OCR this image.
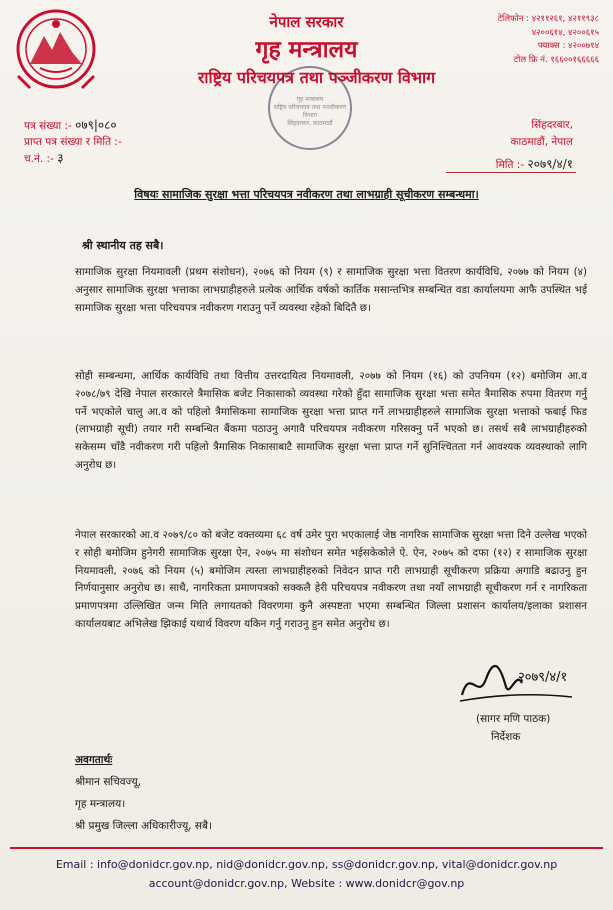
नेपाल सरकार
गृह मन्त्रालय
राष्ट्रिय परिचयपत्र तथा पञ्जीकरण विभाग
टेलिफोन : ४२११२६१, ४२११९३८
४२००६१४, ४२००६१५
फ्याक्स : ४२००७१४
टोल फ्रि नं. १६६००१६६६६६
गृह मन्त्रालय
राष्ट्रिय परिचयपत्र तथा पञ्जीकरण विभाग
सिंहदरबार, काठमाडौं
पत्र संख्या :- ०७९|०८०
प्राप्त पत्र संख्या र मिति :-
च.नं. :- ३
सिंहदरबार,
काठमाडौं, नेपाल
मिति :- २०७९/४/१
विषयः सामाजिक सुरक्षा भत्ता परिचयपत्र नवीकरण तथा लाभग्राही सूचीकरण सम्बन्धमा।
श्री स्थानीय तह सबै।
सामाजिक सुरक्षा नियमावली (प्रथम संशोधन), २०७६ को नियम (९) र सामाजिक सुरक्षा भत्ता वितरण कार्यविधि, २०७७ को नियम (४) अनुसार सामाजिक सुरक्षा भत्ताका लाभग्राहीहरुले प्रत्येक आर्थिक वर्षको कार्तिक मसान्तभित्र सम्बन्धित वडा कार्यालयमा आफै उपस्थित भई सामाजिक सुरक्षा भत्ता परिचयपत्र नवीकरण गराउनु पर्ने व्यवस्था रहेको बिदितै छ।
सोही सम्बन्धमा, आर्थिक कार्यविधि तथा वित्तीय उत्तरदायित्व नियमावली, २०७७ को नियम (१६) को उपनियम (१२) बमोजिम आ.व २०७८/७९ देखि नेपाल सरकारले त्रैमासिक बजेट निकासाको व्यवस्था गरेको हुँदा सामाजिक सुरक्षा भत्ता समेत त्रैमासिक रुपमा वितरण गर्नु पर्ने भएकोले चालु आ.व को पहिलो त्रैमासिकमा सामाजिक सुरक्षा भत्ता प्राप्त गर्ने लाभग्राहीहरुले सामाजिक सुरक्षा भत्ताको फबाई फिड (लाभग्राही सूची) तयार गरी सम्बन्धित बैंकमा पठाउनु अगावै परिचयपत्र नवीकरण गरिसक्नु पर्ने भएको छ। तसर्थ सबै लाभग्राहीहरुको सकेसम्म चाँडै नवीकरण गरी पहिलो त्रैमासिक निकासाबाटै सामाजिक सुरक्षा भत्ता प्राप्त गर्ने सुनिश्चितता गर्न आवश्यक व्यवस्थाको लागि अनुरोध छ।
नेपाल सरकारको आ.व २०७९/८० को बजेट वक्तव्यमा ६८ वर्ष उमेर पुरा भएकालाई जेष्ठ नागरिक सामाजिक सुरक्षा भत्ता दिने उल्लेख भएको र सोही बमोजिम हुनेगरी सामाजिक सुरक्षा ऐन, २०७५ मा संशोधन समेत भईसकेकोले ऐ. ऐन, २०७५ को दफा (१२) र सामाजिक सुरक्षा नियमावली, २०७६ को नियम (५) बमोजिम त्यस्ता लाभग्राहीहरुको निवेदन प्राप्त गरी लाभग्राही सूचीकरण प्रक्रिया अगाडि बढाउनु हुन निर्णयानुसार अनुरोध छ। साथै, नागरिकता प्रमाणपत्रको सक्कलै हेरी परिचयपत्र नवीकरण तथा नयाँ लाभग्राही सूचीकरण गर्न र नागरिकता प्रमाणपत्रमा उल्लिखित जन्म मिति लगायतको विवरणमा कुनै अस्पष्टता भएमा सम्बन्धित जिल्ला प्रशासन कार्यालय/इलाका प्रशासन कार्यालयबाट अभिलेख झिकाई यथार्थ विवरण यकिन गर्नु गराउनु हुन समेत अनुरोध छ।
२०७९/४/१
(सागर मणि पाठक)
निर्देशक
अवगतार्थः
श्रीमान सचिवज्यू,
गृह मन्त्रालय।
श्री प्रमुख जिल्ला अधिकारीज्यू, सबै।
Email : info@donidcr.gov.np, nid@donidcr.gov.np, ss@donidcr.gov.np, vital@donidcr.gov.np
account@donidcr.gov.np, Website : www.donidcr@gov.np
